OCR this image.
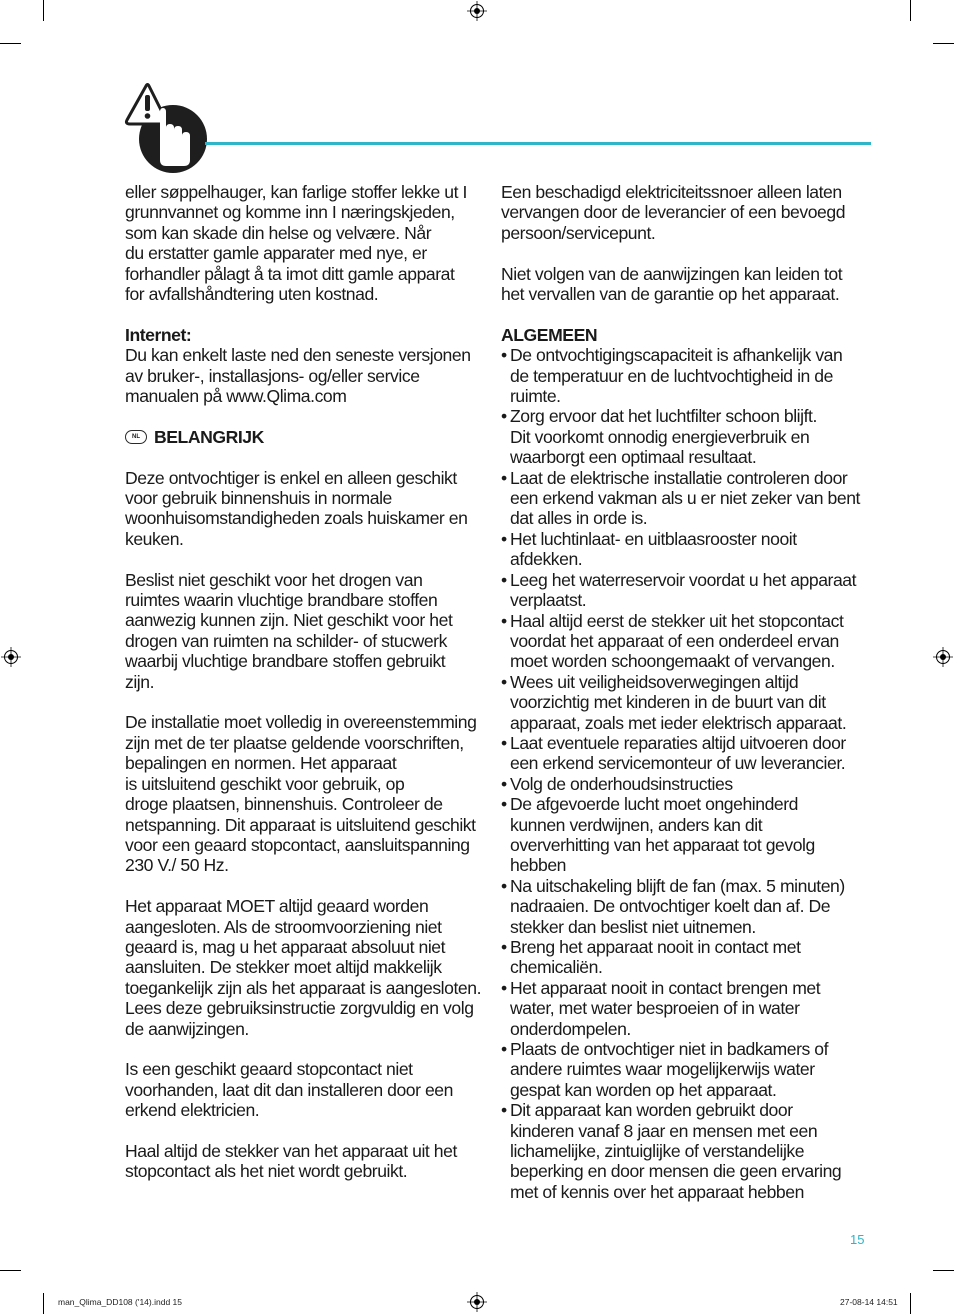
eller søppelhauger, kan farlige stoffer lekke ut I
grunnvannet og komme inn I næringskjeden,
som kan skade din helse og velvære. Når
du erstatter gamle apparater med nye, er
forhandler pålagt å ta imot ditt gamle apparat
for avfallshåndtering uten kostnad.

Internet:

Du kan enkelt laste ned den seneste versjonen
av bruker-, installasjons- og/eller service
manualen på www.Qlima.com

NL BELANGRIJK

Deze ontvochtiger is enkel en alleen geschikt
voor gebruik binnenshuis in normale
woonhuisomstandigheden zoals huiskamer en
keuken.

Beslist niet geschikt voor het drogen van
ruimtes waarin vluchtige brandbare stoffen
aanwezig kunnen zijn. Niet geschikt voor het
drogen van ruimten na schilder- of stucwerk
waarbij vluchtige brandbare stoffen gebruikt
zijn.

De installatie moet volledig in overeenstemming
zijn met de ter plaatse geldende voorschriften,
bepalingen en normen. Het apparaat
is uitsluitend geschikt voor gebruik, op
droge plaatsen, binnenshuis. Controleer de
netspanning. Dit apparaat is uitsluitend geschikt
voor een geaard stopcontact, aansluitspanning
230 V./ 50 Hz.

Het apparaat MOET altijd geaard worden
aangesloten. Als de stroomvoorziening niet
geaard is, mag u het apparaat absoluut niet
aansluiten. De stekker moet altijd makkelijk
toegankelijk zijn als het apparaat is aangesloten.
Lees deze gebruiksinstructie zorgvuldig en volg
de aanwijzingen.

Is een geschikt geaard stopcontact niet
voorhanden, laat dit dan installeren door een
erkend elektricien.

Haal altijd de stekker van het apparaat uit het
stopcontact als het niet wordt gebruikt.

Een beschadigd elektriciteitssnoer alleen laten
vervangen door de leverancier of een bevoegd
persoon/servicepunt.

Niet volgen van de aanwijzingen kan leiden tot
het vervallen van de garantie op het apparaat.

ALGEMEEN

• De ontvochtigingscapaciteit is afhankelijk van
de temperatuur en de luchtvochtigheid in de
ruimte.
• Zorg ervoor dat het luchtfilter schoon blijft.
Dit voorkomt onnodig energieverbruik en
waarborgt een optimaal resultaat.
• Laat de elektrische installatie controleren door
een erkend vakman als u er niet zeker van bent
dat alles in orde is.
• Het luchtinlaat- en uitblaasrooster nooit
afdekken.
• Leeg het waterreservoir voordat u het apparaat
verplaatst.
• Haal altijd eerst de stekker uit het stopcontact
voordat het apparaat of een onderdeel ervan
moet worden schoongemaakt of vervangen.
• Wees uit veiligheidsoverwegingen altijd
voorzichtig met kinderen in de buurt van dit
apparaat, zoals met ieder elektrisch apparaat.
• Laat eventuele reparaties altijd uitvoeren door
een erkend servicemonteur of uw leverancier.
• Volg de onderhoudsinstructies
• De afgevoerde lucht moet ongehinderd
kunnen verdwijnen, anders kan dit
oververhitting van het apparaat tot gevolg
hebben
• Na uitschakeling blijft de fan (max. 5 minuten)
nadraaien. De ontvochtiger koelt dan af. De
stekker dan beslist niet uitnemen.
• Breng het apparaat nooit in contact met
chemicaliën.
• Het apparaat nooit in contact brengen met
water, met water besproeien of in water
onderdompelen.
• Plaats de ontvochtiger niet in badkamers of
andere ruimtes waar mogelijkerwijs water
gespat kan worden op het apparaat.
• Dit apparaat kan worden gebruikt door
kinderen vanaf 8 jaar en mensen met een
lichamelijke, zintuiglijke of verstandelijke
beperking en door mensen die geen ervaring
met of kennis over het apparaat hebben
15
man_Qlima_DD108 ('14).indd 15	27-08-14 14:51
